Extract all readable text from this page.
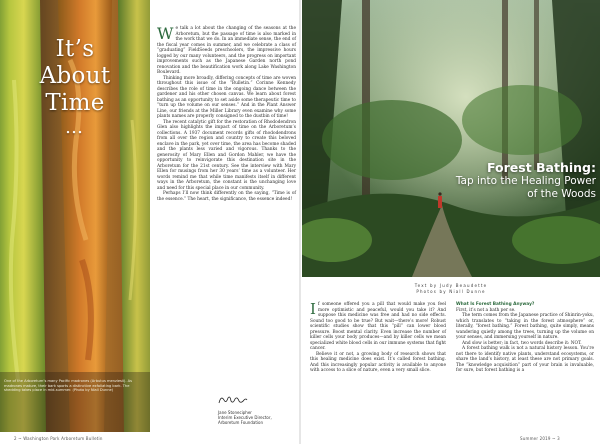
It’s
About
Time
…
One of the Arboretum’s many Pacific madrones (Arbutus menziesii). As madrones mature, their bark sports a distinctive exfoliating bark. The shedding takes place in mid-summer. (Photo by Niall Dunne)

We talk a lot about the changing of the seasons at the Arboretum, but the passage of time is also marked in the work that we do. In an immediate sense, the end of the fiscal year comes in summer, and we celebrate a class of “graduating” FieldSeeds preschoolers, the impressive hours logged by our many volunteers, and the progress on important improvements such as the Japanese Garden north pond renovation and the beautification work along Lake Washington Boulevard.

Thinking more broadly, differing concepts of time are woven throughout this issue of the “Bulletin.” Corinne Kennedy describes the role of time in the ongoing dance between the gardener and his other chosen canvas. We learn about forest bathing as an opportunity to set aside some therapeutic time to “turn up the volume on our senses.” And in the Plant Answer Line, our friends at the Miller Library even examine why some plants names are properly consigned to the dustbin of time!

The recent catalytic gift for the restoration of Rhododendron Glen also highlights the impact of time on the Arboretum’s collections. A 1937 document records gifts of rhododendrons from all over the region and country to create this beloved enclave in the park, yet over time, the area has become shaded and the plants less varied and vigorous. Thanks to the generosity of Mary Ellen and Gordon Mahler, we have the opportunity to reinvigorate this destination site in the Arboretum for the 21st century. See the interview with Mary Ellen for musings from her 30 years’ time as a volunteer. Her words remind me that while time manifests itself in different ways in the Arboretum, the constant is the unchanging love and need for this special place in our community.

Perhaps I’ll now think differently on the saying, “Time is of the essence.” The heart, the significance, the essence indeed!

Jane Stonecipher
Interim Executive Director,
Arboretum Foundation
2 ~ Washington Park Arboretum Bulletin
Forest Bathing:
Tap into the Healing Power
of the Woods
Text by Judy Beaudette
Photos by Niall Dunne

If someone offered you a pill that would make you feel more optimistic and peaceful, would you take it? And suppose this medicine was free and had no side effects. Sound too good to be true? But wait—there’s more! Robust scientific studies show that this “pill” can lower blood pressure. Boost mental clarity. Even increase the number of killer cells your body produces—and by killer cells we mean specialized white blood cells in our immune systems that fight cancer.

Believe it or not, a growing body of research shows that this healing medicine does exist. It’s called forest bathing. And this increasingly popular activity is available to anyone with access to a slice of nature, even a very small slice.

What Is Forest Bathing Anyway?

First, it’s not a bath per se.

The term comes from the Japanese practice of Shinrin-yoku, which translates to “taking in the forest atmosphere” or, literally, “forest bathing.” Forest bathing, quite simply, means wandering quietly among the trees, turning up the volume on your senses, and immersing yourself in nature.

And slow is better; in fact, two words describe it: NOT.

A forest bathing walk is not a natural history lesson. You’re not there to identify native plants, understand ecosystems, or share the land’s history, at least these are not primary goals. The “knowledge acquisition” part of your brain is invaluable, for sure, but forest bathing is a

Summer 2019 ~ 3
